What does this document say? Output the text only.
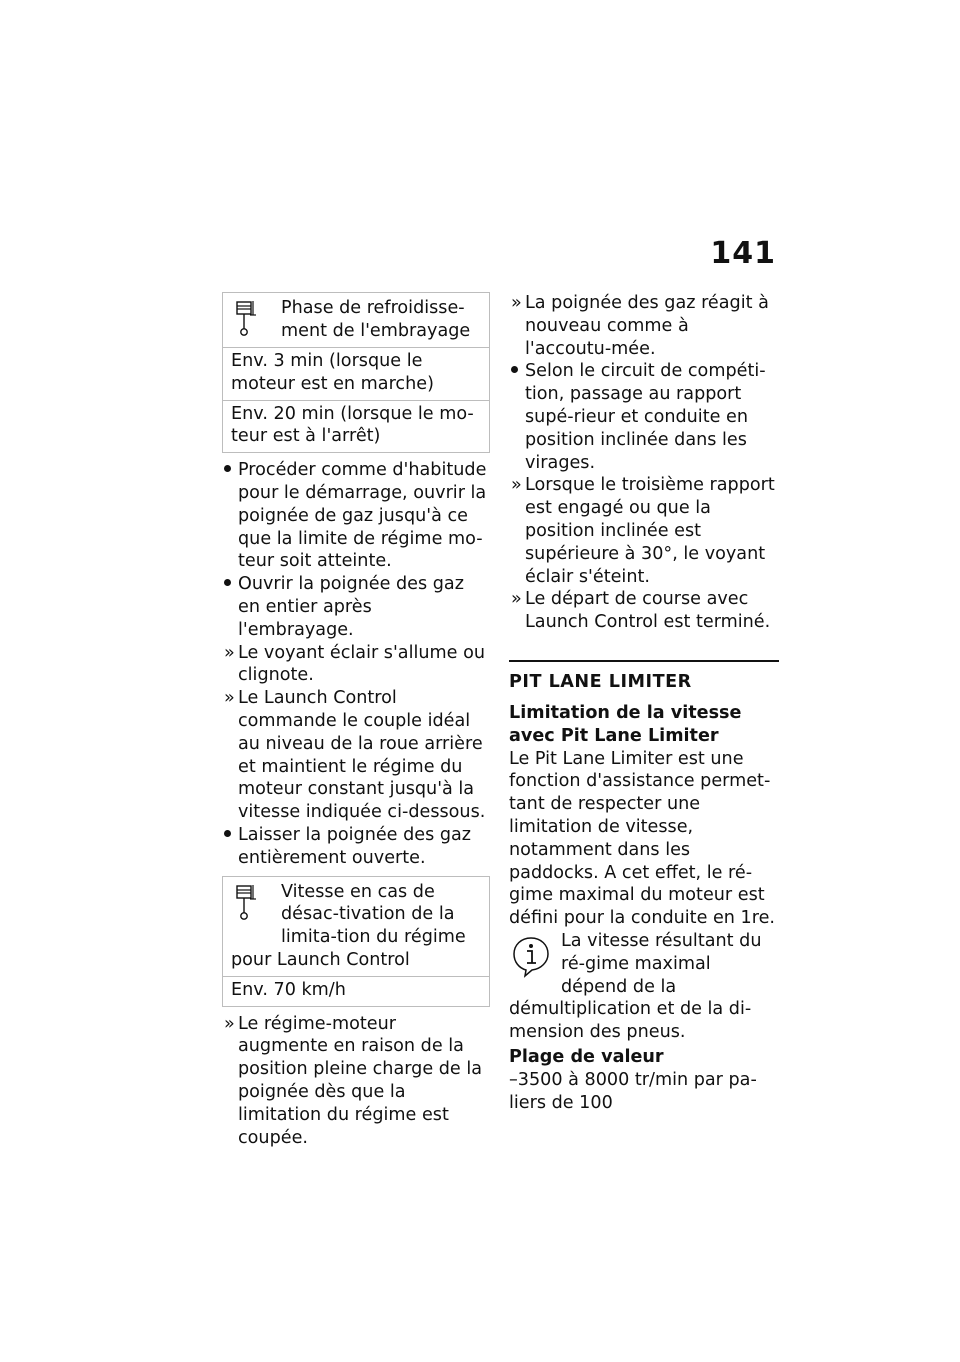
141
Phase de refroidisse-ment de l'embrayage
Env. 3 min (lorsque le moteur est en marche)
Env. 20 min (lorsque le mo-teur est à l'arrêt)
Procéder comme d'habitude pour le démarrage, ouvrir la poignée de gaz jusqu'à ce que la limite de régime mo-teur soit atteinte.
Ouvrir la poignée des gaz en entier après l'embrayage.
» Le voyant éclair s'allume ou clignote.
» Le Launch Control commande le couple idéal au niveau de la roue arrière et maintient le régime du moteur constant jusqu'à la vitesse indiquée ci-dessous.
Laisser la poignée des gaz entièrement ouverte.
Vitesse en cas de désac-tivation de la limita-tion du régime pour Launch Control
Env. 70 km/h
» Le régime-moteur augmente en raison de la position pleine charge de la poignée dès que la limitation du régime est coupée.
» La poignée des gaz réagit à nouveau comme à l'accoutu-mée.
Selon le circuit de compéti-tion, passage au rapport supé-rieur et conduite en position inclinée dans les virages.
» Lorsque le troisième rapport est engagé ou que la position inclinée est supérieure à 30°, le voyant éclair s'éteint.
» Le départ de course avec Launch Control est terminé.
PIT LANE LIMITER
Limitation de la vitesse avec Pit Lane Limiter
Le Pit Lane Limiter est une fonction d'assistance permet-tant de respecter une limitation de vitesse, notamment dans les paddocks. A cet effet, le ré-gime maximal du moteur est défini pour la conduite en 1re.
La vitesse résultant du ré-gime maximal dépend de la démultiplication et de la di-mension des pneus.
Plage de valeur
–3500 à 8000 tr/min par pa-liers de 100
